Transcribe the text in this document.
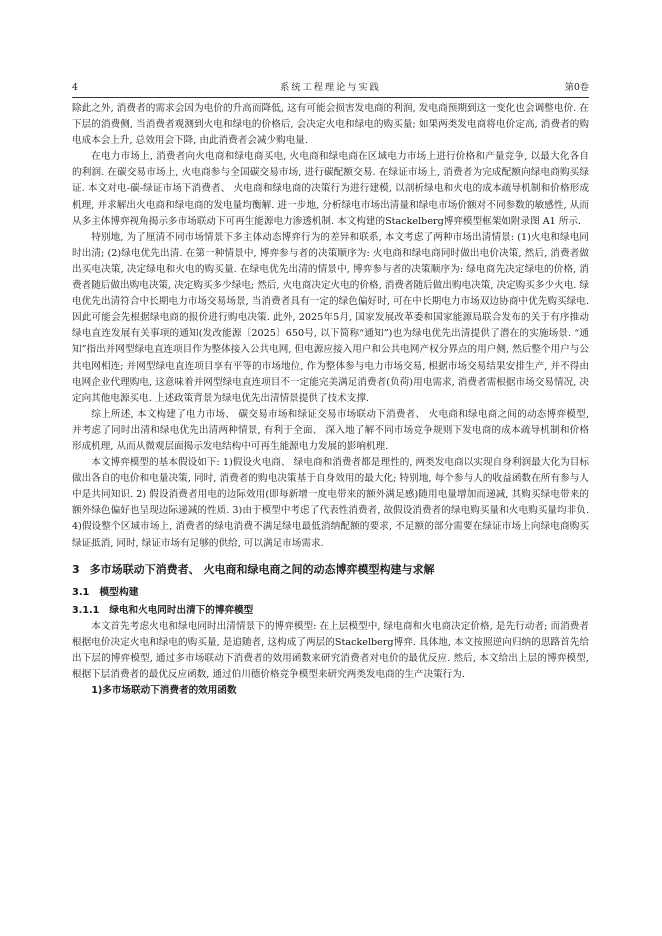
4	系统工程理论与实践	第0卷

除此之外, 消费者的需求会因为电价的升高而降低, 这有可能会损害发电商的利润, 发电商预期到这一变化也会调整电价. 在下层的消费侧, 当消费者观测到火电和绿电的价格后, 会决定火电和绿电的购买量; 如果两类发电商将电价定高, 消费者的购电成本会上升, 总效用会下降, 由此消费者会减少购电量.

在电力市场上, 消费者向火电商和绿电商买电, 火电商和绿电商在区域电力市场上进行价格和产量竞争, 以最大化各自的利润. 在碳交易市场上, 火电商参与全国碳交易市场, 进行碳配额交易. 在绿证市场上, 消费者为完成配额向绿电商购买绿证. 本文对电-碳-绿证市场下消费者、 火电商和绿电商的决策行为进行建模, 以剖析绿电和火电的成本疏导机制和价格形成机理, 并求解出火电商和绿电商的发电量均衡解. 进一步地, 分析绿电市场出清量和绿电市场价额对不同参数的敏感性, 从而从多主体博弈视角揭示多市场联动下可再生能源电力渗透机制. 本文构建的Stackelberg博弈模型框架如附录图 A1 所示.

特别地, 为了厘清不同市场情景下多主体动态博弈行为的差异和联系, 本文考虑了两种市场出清情景: (1)火电和绿电同时出清; (2)绿电优先出清. 在第一种情景中, 博弈参与者的决策顺序为: 火电商和绿电商同时做出电价决策, 然后, 消费者做出买电决策, 决定绿电和火电的购买量. 在绿电优先出清的情景中, 博弈参与者的决策顺序为: 绿电商先决定绿电的价格, 消费者随后做出购电决策, 决定购买多少绿电; 然后, 火电商决定火电的价格, 消费者随后做出购电决策, 决定购买多少火电. 绿电优先出清符合中长期电力市场交易场景, 当消费者具有一定的绿色偏好时, 可在中长期电力市场双边协商中优先购买绿电. 因此可能会先根据绿电商的报价进行购电决策. 此外, 2025年5月, 国家发展改革委和国家能源局联合发布的关于有序推动绿电直连发展有关事项的通知(发改能源〔2025〕650号, 以下简称“通知”)也为绿电优先出清提供了潜在的实施场景. “通知”指出并网型绿电直连项目作为整体接入公共电网, 但电源应接入用户和公共电网产权分界点的用户侧, 然后整个用户与公共电网相连; 并网型绿电直连项目享有平等的市场地位, 作为整体参与电力市场交易, 根据市场交易结果安排生产, 并不得由电网企业代理购电, 这意味着并网型绿电直连项目不一定能完美满足消费者(负荷)用电需求, 消费者需根据市场交易情况, 决定向其他电源买电. 上述政策背景为绿电优先出清情景提供了技术支撑.

综上所述, 本文构建了电力市场、 碳交易市场和绿证交易市场联动下消费者、 火电商和绿电商之间的动态博弈模型, 并考虑了同时出清和绿电优先出清两种情景, 有利于全面、 深入地了解不同市场竞争规则下发电商的成本疏导机制和价格形成机理, 从而从微观层面揭示发电结构中可再生能源电力发展的影响机理.

本文博弈模型的基本假设如下: 1)假设火电商、 绿电商和消费者都是理性的, 两类发电商以实现自身利润最大化为目标做出各自的电价和电量决策, 同时, 消费者的购电决策基于自身效用的最大化; 特别地, 每个参与人的收益函数在所有参与人中是共同知识. 2) 假设消费者用电的边际效用(即每新增一度电带来的额外满足感)随用电量增加而递减, 其购买绿电带来的额外绿色偏好也呈现边际递减的性质. 3)由于模型中考虑了代表性消费者, 故假设消费者的绿电购买量和火电购买量均非负. 4)假设整个区域市场上, 消费者的绿电消费不满足绿电最低消纳配额的要求, 不足额的部分需要在绿证市场上向绿电商购买绿证抵消, 同时, 绿证市场有足够的供给, 可以满足市场需求.

3 多市场联动下消费者、 火电商和绿电商之间的动态博弈模型构建与求解
3.1 模型构建
3.1.1 绿电和火电同时出清下的博弈模型

本文首先考虑火电和绿电同时出清情景下的博弈模型: 在上层模型中, 绿电商和火电商决定价格, 是先行动者; 而消费者根据电价决定火电和绿电的购买量, 是追随者, 这构成了两层的Stackelberg博弈. 具体地, 本文按照逆向归纳的思路首先给出下层的博弈模型, 通过多市场联动下消费者的效用函数来研究消费者对电价的最优反应. 然后, 本文给出上层的博弈模型, 根据下层消费者的最优反应函数, 通过伯川德价格竞争模型来研究两类发电商的生产决策行为.

1)多市场联动下消费者的效用函数
